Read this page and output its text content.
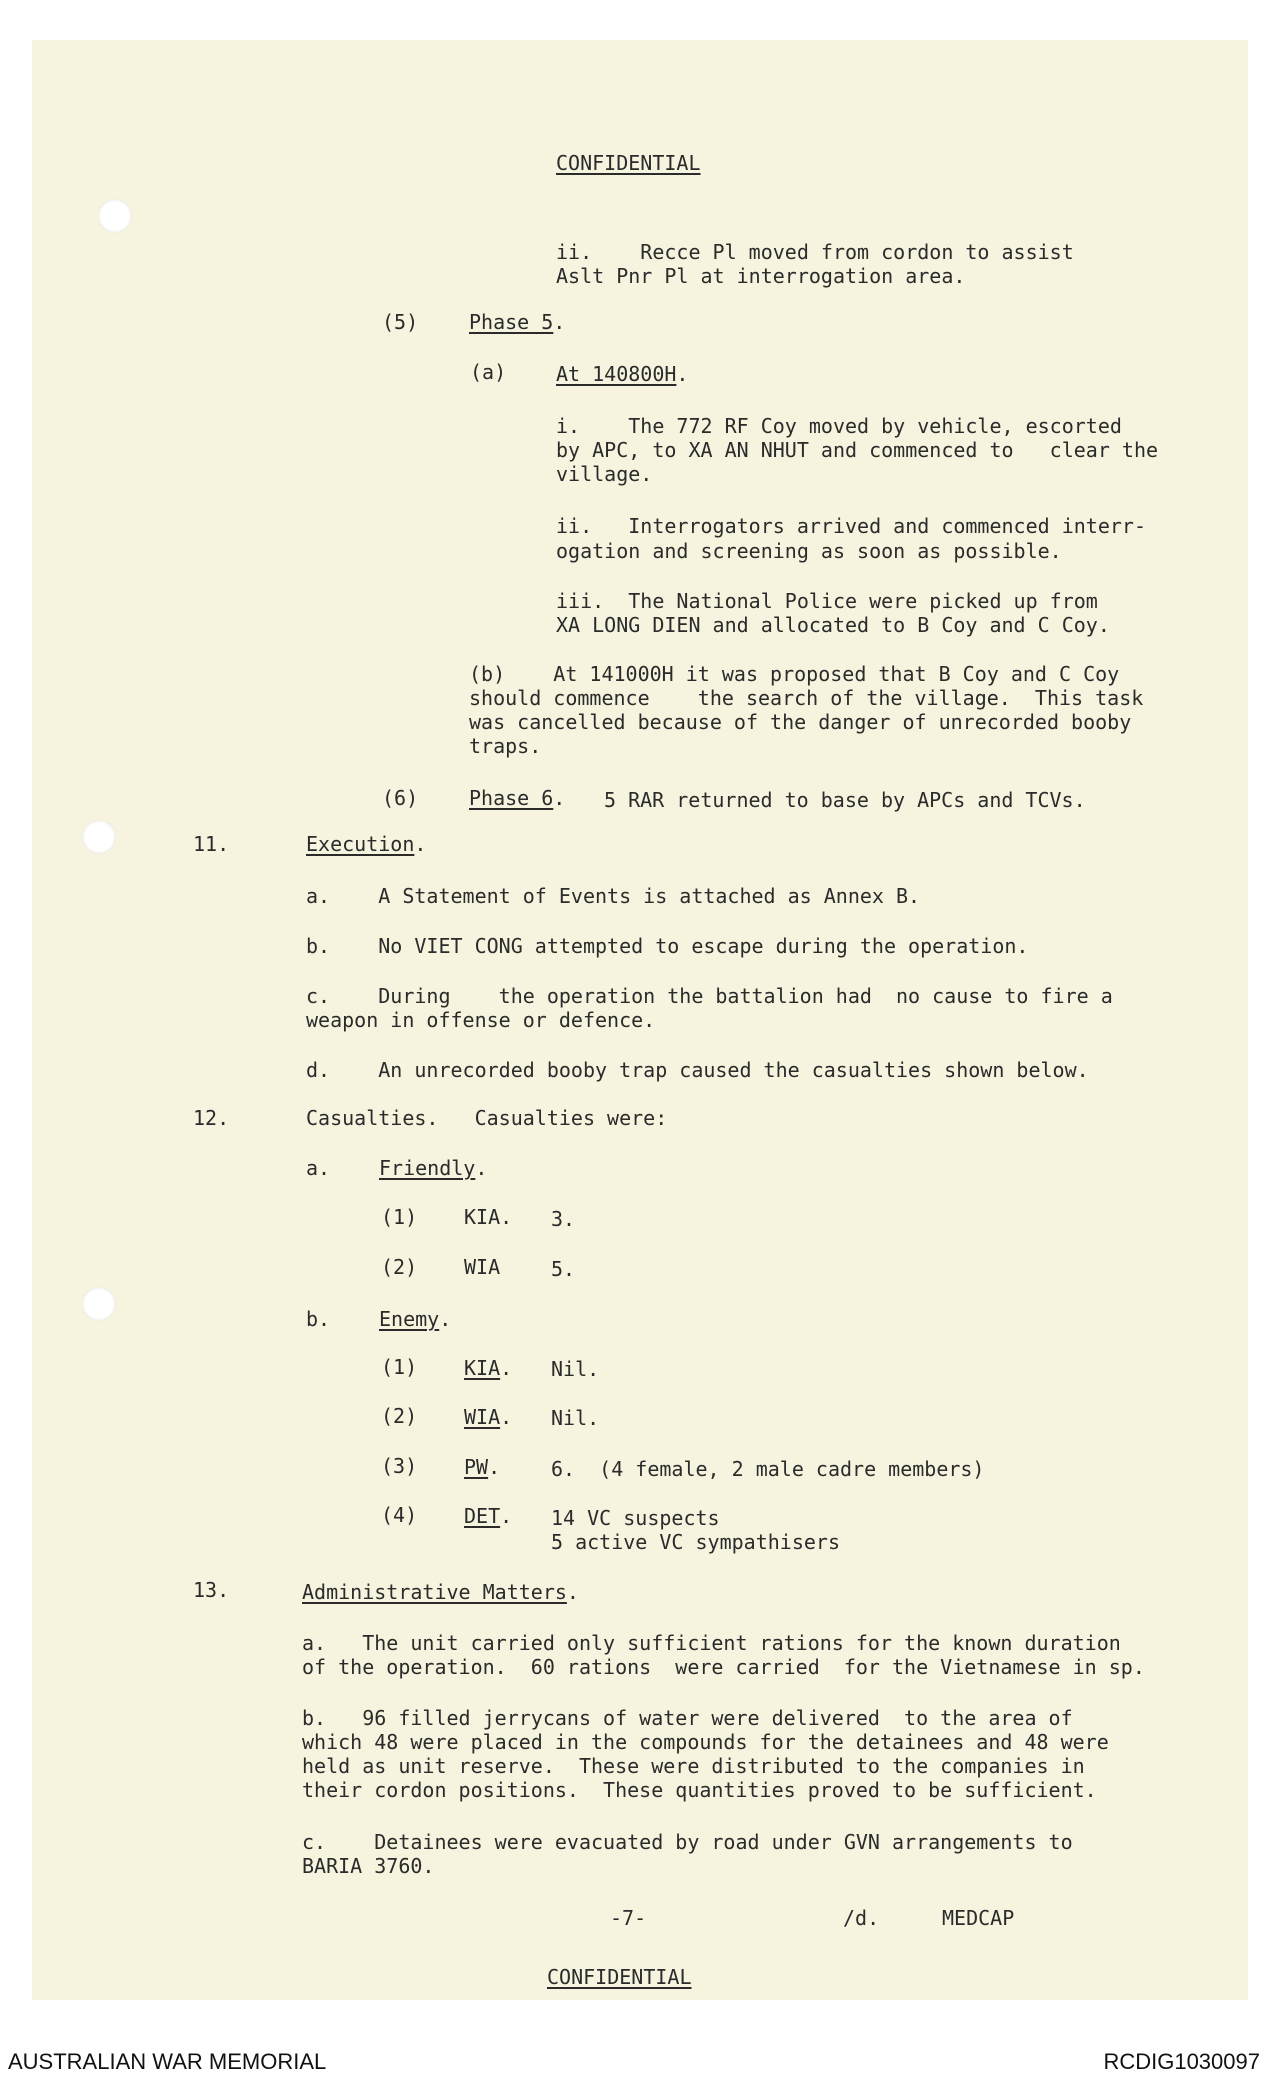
CONFIDENTIAL
ii.    Recce Pl moved from cordon to assist
Aslt Pnr Pl at interrogation area.
(5)	Phase 5.
(a) At 140800H.
i.    The 772 RF Coy moved by vehicle, escorted
by APC, to XA AN NHUT and commenced to   clear the
village.
ii.   Interrogators arrived and commenced interr-
ogation and screening as soon as possible.
iii.  The National Police were picked up from
XA LONG DIEN and allocated to B Coy and C Coy.
(b)    At 141000H it was proposed that B Coy and C Coy
should commence    the search of the village.  This task
was cancelled because of the danger of unrecorded booby
traps.
(6)	Phase 6. 5 RAR returned to base by APCs and TCVs.
11.	Execution.
a.    A Statement of Events is attached as Annex B.
b.    No VIET CONG attempted to escape during the operation.
c.    During    the operation the battalion had  no cause to fire a
weapon in offense or defence.
d.    An unrecorded booby trap caused the casualties shown below.
12.	Casualties.   Casualties were:
a. Friendly.
(1) KIA. 3.
(2) WIA	5.
b. Enemy.
(1) KIA. Nil.
(2) WIA. Nil.
(3) PW.	6.  (4 female, 2 male cadre members)
(4) DET. 14 VC suspects
5 active VC sympathisers
13.	Administrative Matters.
a.   The unit carried only sufficient rations for the known duration
of the operation.  60 rations  were carried  for the Vietnamese in sp.
b.   96 filled jerrycans of water were delivered  to the area of
which 48 were placed in the compounds for the detainees and 48 were
held as unit reserve.  These were distributed to the companies in
their cordon positions.  These quantities proved to be sufficient.
c.    Detainees were evacuated by road under GVN arrangements to
BARIA 3760.
-7-	/d.	MEDCAP
CONFIDENTIAL
AUSTRALIAN WAR MEMORIAL	RCDIG1030097
